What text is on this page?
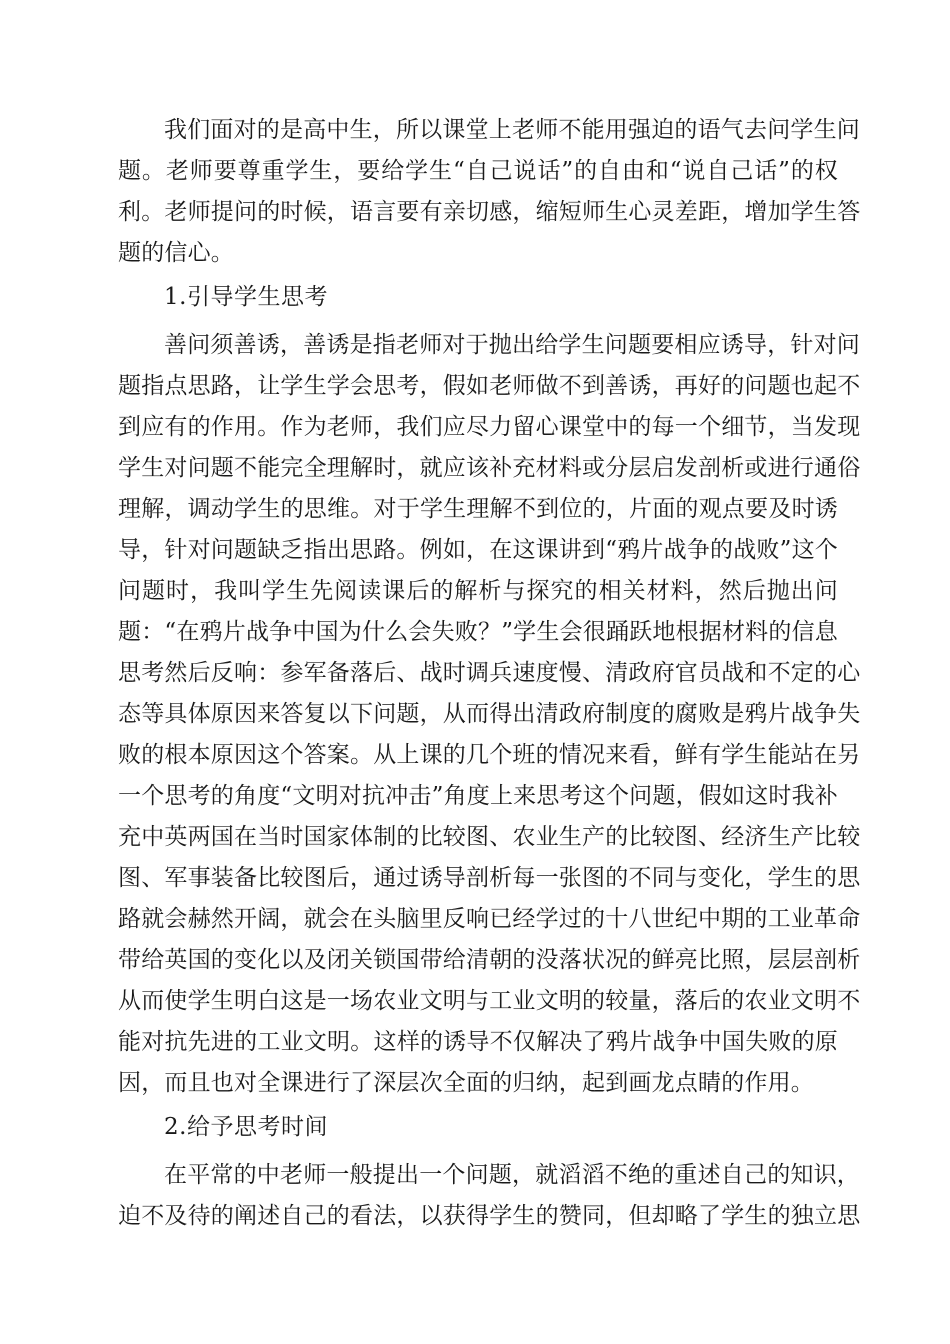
我们面对的是高中生，所以课堂上老师不能用强迫的语气去问学生问

题。老师要尊重学生，要给学生“自己说话”的自由和“说自己话”的权

利。老师提问的时候，语言要有亲切感，缩短师生心灵差距，增加学生答

题的信心。

1.引导学生思考

善问须善诱，善诱是指老师对于抛出给学生问题要相应诱导，针对问

题指点思路，让学生学会思考，假如老师做不到善诱，再好的问题也起不

到应有的作用。作为老师，我们应尽力留心课堂中的每一个细节，当发现

学生对问题不能完全理解时，就应该补充材料或分层启发剖析或进行通俗

理解，调动学生的思维。对于学生理解不到位的，片面的观点要及时诱

导，针对问题缺乏指出思路。例如，在这课讲到“鸦片战争的战败”这个

问题时，我叫学生先阅读课后的解析与探究的相关材料，然后抛出问

题：“在鸦片战争中国为什么会失败？”学生会很踊跃地根据材料的信息

思考然后反响：参军备落后、战时调兵速度慢、清政府官员战和不定的心

态等具体原因来答复以下问题，从而得出清政府制度的腐败是鸦片战争失

败的根本原因这个答案。从上课的几个班的情况来看，鲜有学生能站在另

一个思考的角度“文明对抗冲击”角度上来思考这个问题，假如这时我补

充中英两国在当时国家体制的比较图、农业生产的比较图、经济生产比较

图、军事装备比较图后，通过诱导剖析每一张图的不同与变化，学生的思

路就会赫然开阔，就会在头脑里反响已经学过的十八世纪中期的工业革命

带给英国的变化以及闭关锁国带给清朝的没落状况的鲜亮比照，层层剖析

从而使学生明白这是一场农业文明与工业文明的较量，落后的农业文明不

能对抗先进的工业文明。这样的诱导不仅解决了鸦片战争中国失败的原

因，而且也对全课进行了深层次全面的归纳，起到画龙点睛的作用。

2.给予思考时间

在平常的中老师一般提出一个问题，就滔滔不绝的重述自己的知识，

迫不及待的阐述自己的看法，以获得学生的赞同，但却略了学生的独立思
